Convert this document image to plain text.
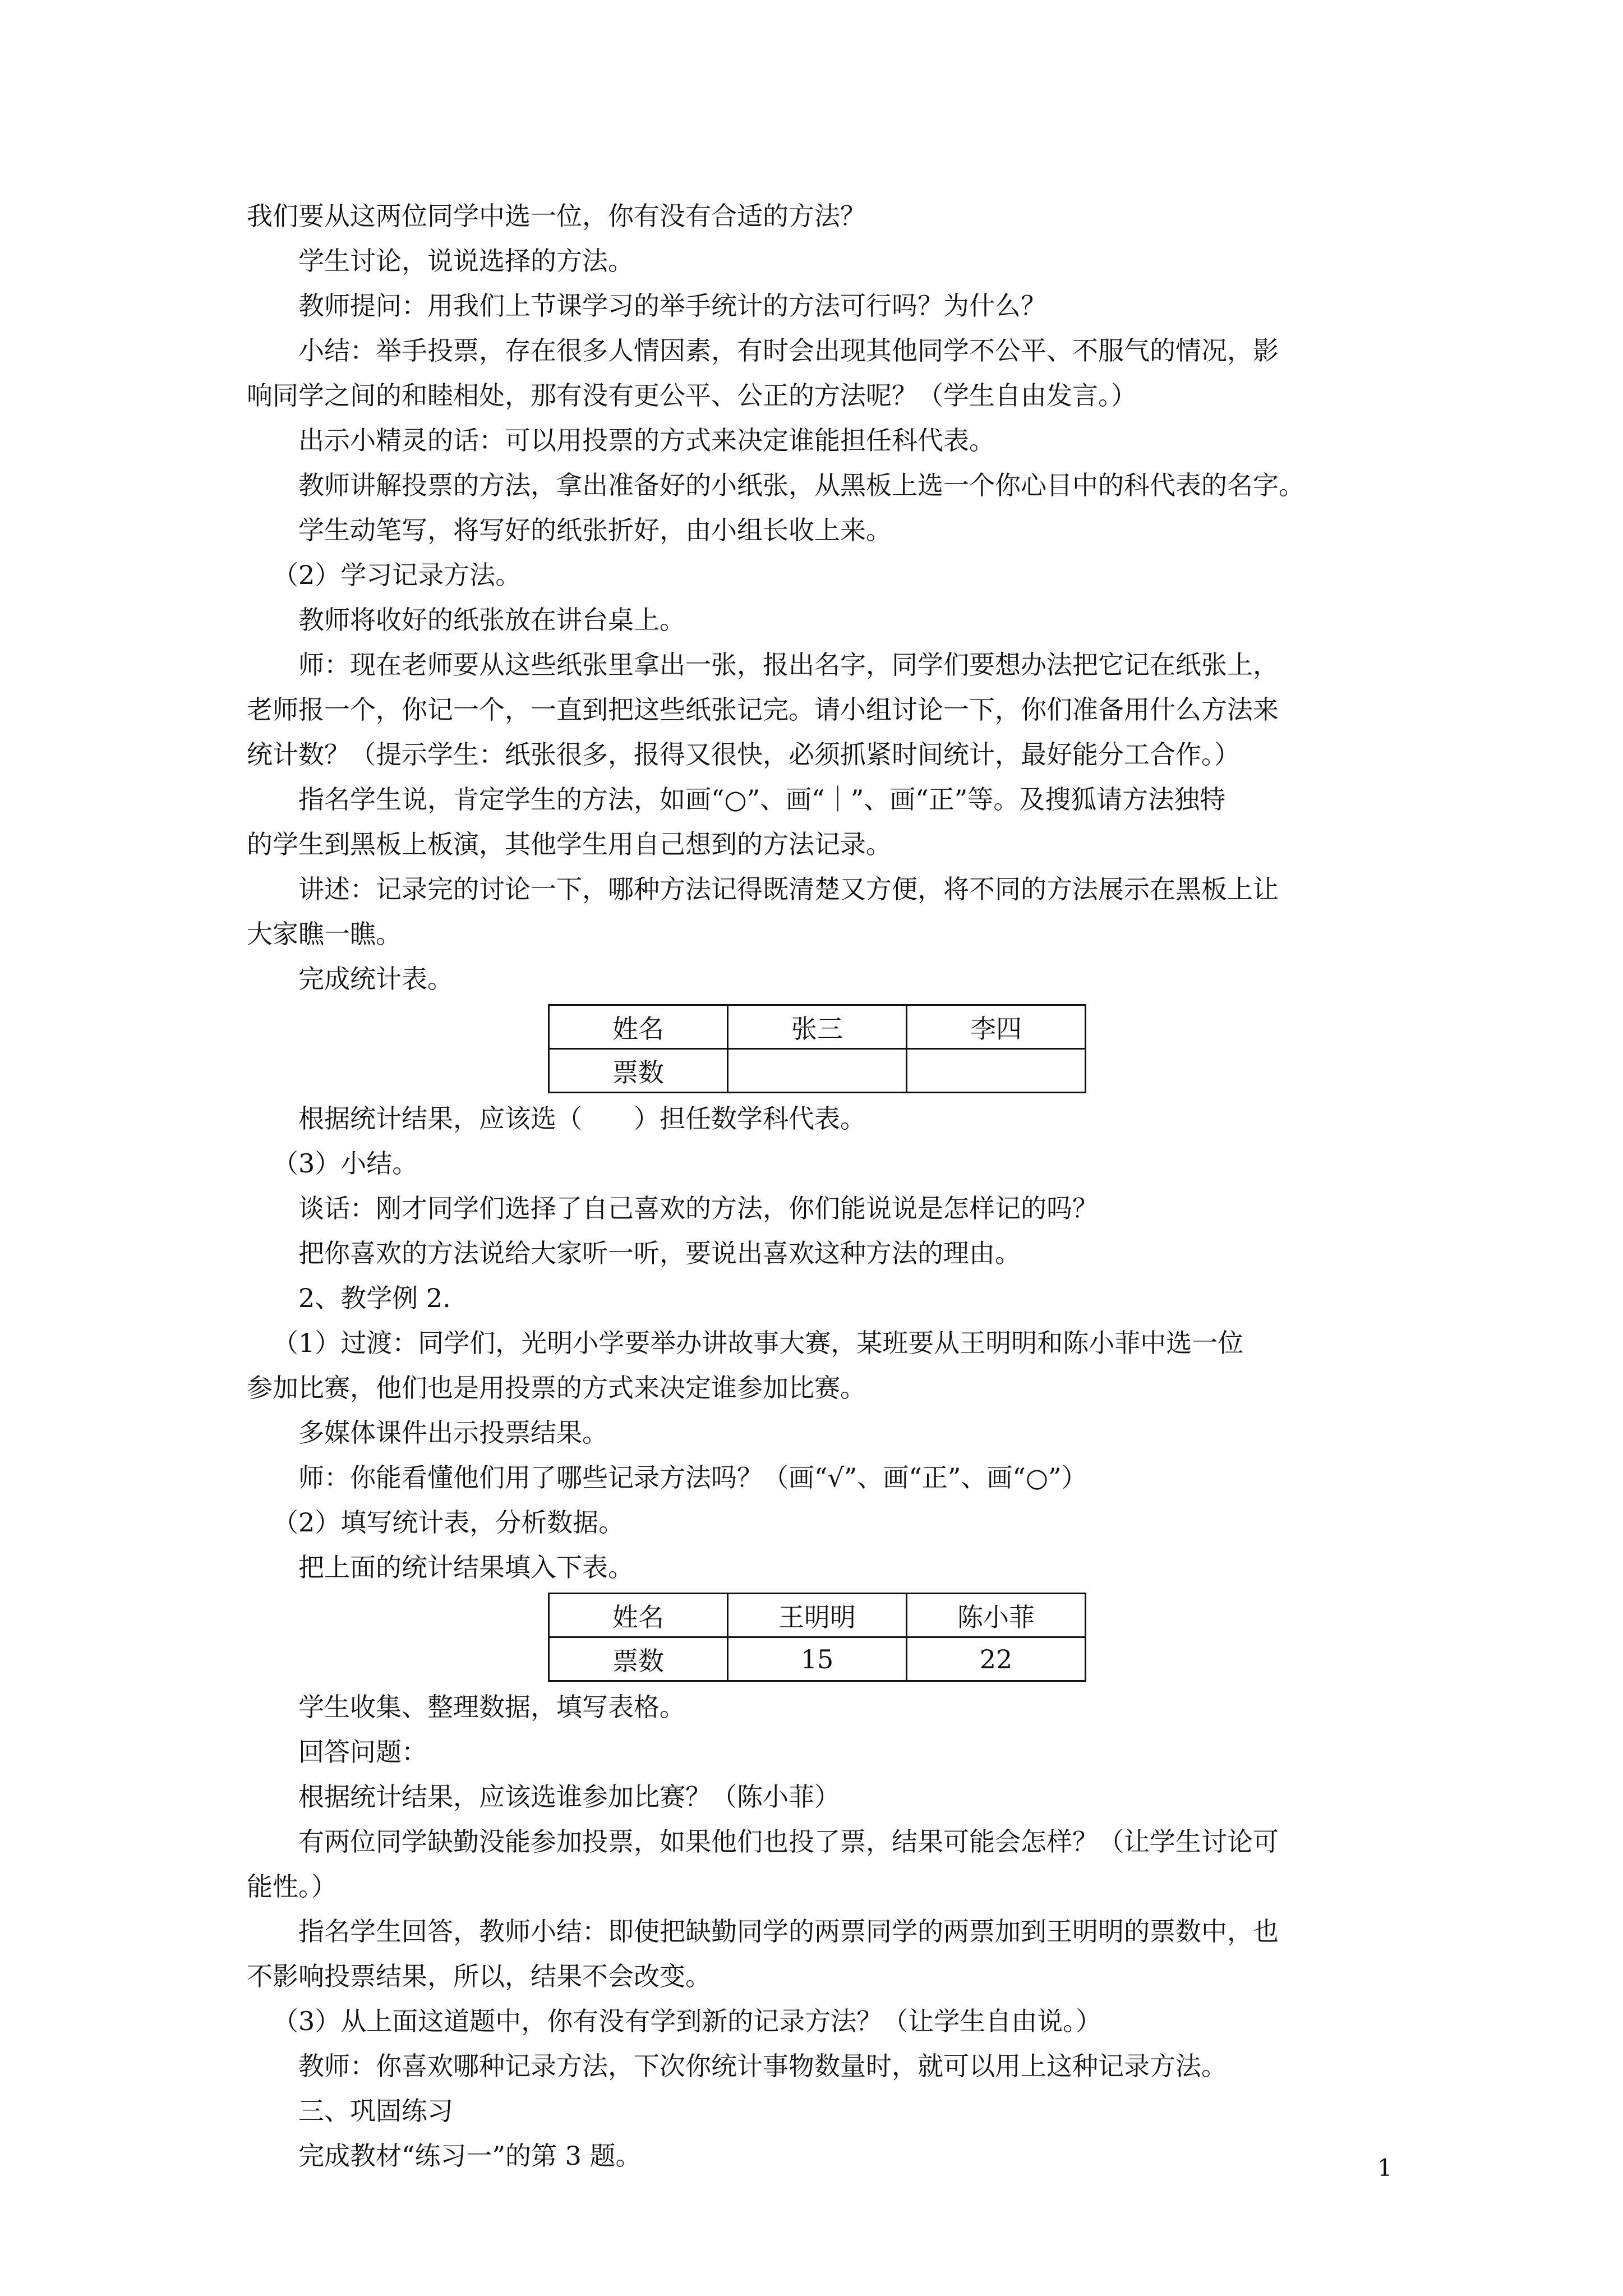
我们要从这两位同学中选一位，你有没有合适的方法？

学生讨论，说说选择的方法。

教师提问：用我们上节课学习的举手统计的方法可行吗？为什么？

小结：举手投票，存在很多人情因素，有时会出现其他同学不公平、不服气的情况，影

响同学之间的和睦相处，那有没有更公平、公正的方法呢？（学生自由发言。）

出示小精灵的话：可以用投票的方式来决定谁能担任科代表。

教师讲解投票的方法，拿出准备好的小纸张，从黑板上选一个你心目中的科代表的名字。

学生动笔写，将写好的纸张折好，由小组长收上来。

（2）学习记录方法。

教师将收好的纸张放在讲台桌上。

师：现在老师要从这些纸张里拿出一张，报出名字，同学们要想办法把它记在纸张上，

老师报一个，你记一个，一直到把这些纸张记完。请小组讨论一下，你们准备用什么方法来

统计数？（提示学生：纸张很多，报得又很快，必须抓紧时间统计，最好能分工合作。）

指名学生说，肯定学生的方法，如画“○”、画“｜”、画“正”等。及搜狐请方法独特

的学生到黑板上板演，其他学生用自己想到的方法记录。

讲述：记录完的讨论一下，哪种方法记得既清楚又方便，将不同的方法展示在黑板上让

大家瞧一瞧。

完成统计表。

姓名	张三	李四
票数		

根据统计结果，应该选（　　）担任数学科代表。

（3）小结。

谈话：刚才同学们选择了自己喜欢的方法，你们能说说是怎样记的吗？

把你喜欢的方法说给大家听一听，要说出喜欢这种方法的理由。

2、教学例 2.

（1）过渡：同学们，光明小学要举办讲故事大赛，某班要从王明明和陈小菲中选一位

参加比赛，他们也是用投票的方式来决定谁参加比赛。

多媒体课件出示投票结果。

师：你能看懂他们用了哪些记录方法吗？（画“√”、画“正”、画“○”）

（2）填写统计表，分析数据。

把上面的统计结果填入下表。

姓名	王明明	陈小菲
票数	15	22

学生收集、整理数据，填写表格。

回答问题：

根据统计结果，应该选谁参加比赛？（陈小菲）

有两位同学缺勤没能参加投票，如果他们也投了票，结果可能会怎样？（让学生讨论可

能性。）

指名学生回答，教师小结：即使把缺勤同学的两票同学的两票加到王明明的票数中，也

不影响投票结果，所以，结果不会改变。

（3）从上面这道题中，你有没有学到新的记录方法？（让学生自由说。）

教师：你喜欢哪种记录方法，下次你统计事物数量时，就可以用上这种记录方法。

三、巩固练习

完成教材“练习一”的第 3 题。	1
